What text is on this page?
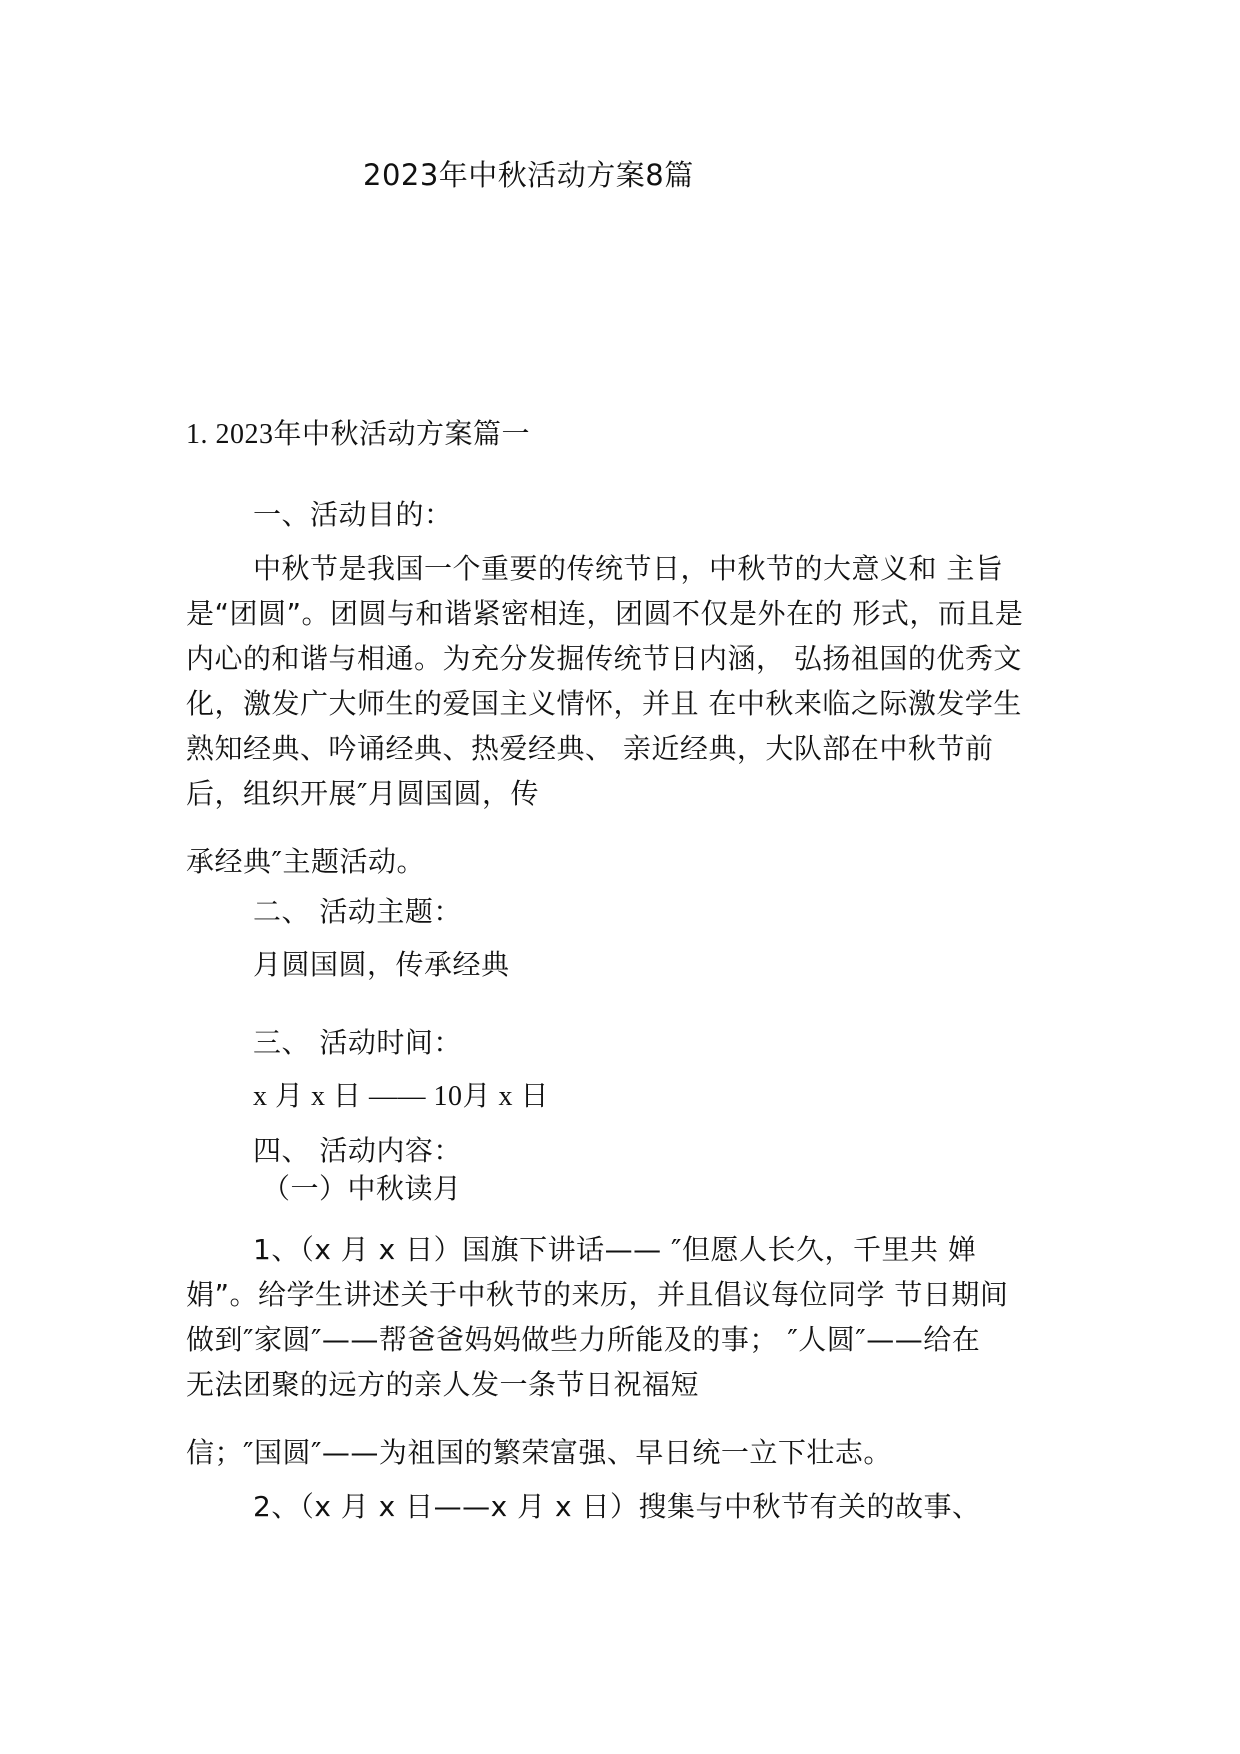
2023年中秋活动方案8篇
1. 2023年中秋活动方案篇一
一、活动目的：
中秋节是我国一个重要的传统节日，中秋节的大意义和 主旨
是“团圆”。团圆与和谐紧密相连，团圆不仅是外在的 形式，而且是
内心的和谐与相通。为充分发掘传统节日内涵， 弘扬祖国的优秀文
化，激发广大师生的爱国主义情怀，并且 在中秋来临之际激发学生
熟知经典、吟诵经典、热爱经典、 亲近经典，大队部在中秋节前
后，组织开展″月圆国圆，传
承经典″主题活动。
二、 活动主题：
月圆国圆，传承经典
三、 活动时间：
x 月 x 日 —— 10月 x 日
四、 活动内容：
（一）中秋读月
1、（x 月 x 日）国旗下讲话—— ″但愿人长久，千里共 婵
娟”。给学生讲述关于中秋节的来历，并且倡议每位同学 节日期间
做到″家圆″——帮爸爸妈妈做些力所能及的事； ″人圆″——给在
无法团聚的远方的亲人发一条节日祝福短
信；″国圆″——为祖国的繁荣富强、早日统一立下壮志。
2、（x 月 x 日——x 月 x 日）搜集与中秋节有关的故事、
